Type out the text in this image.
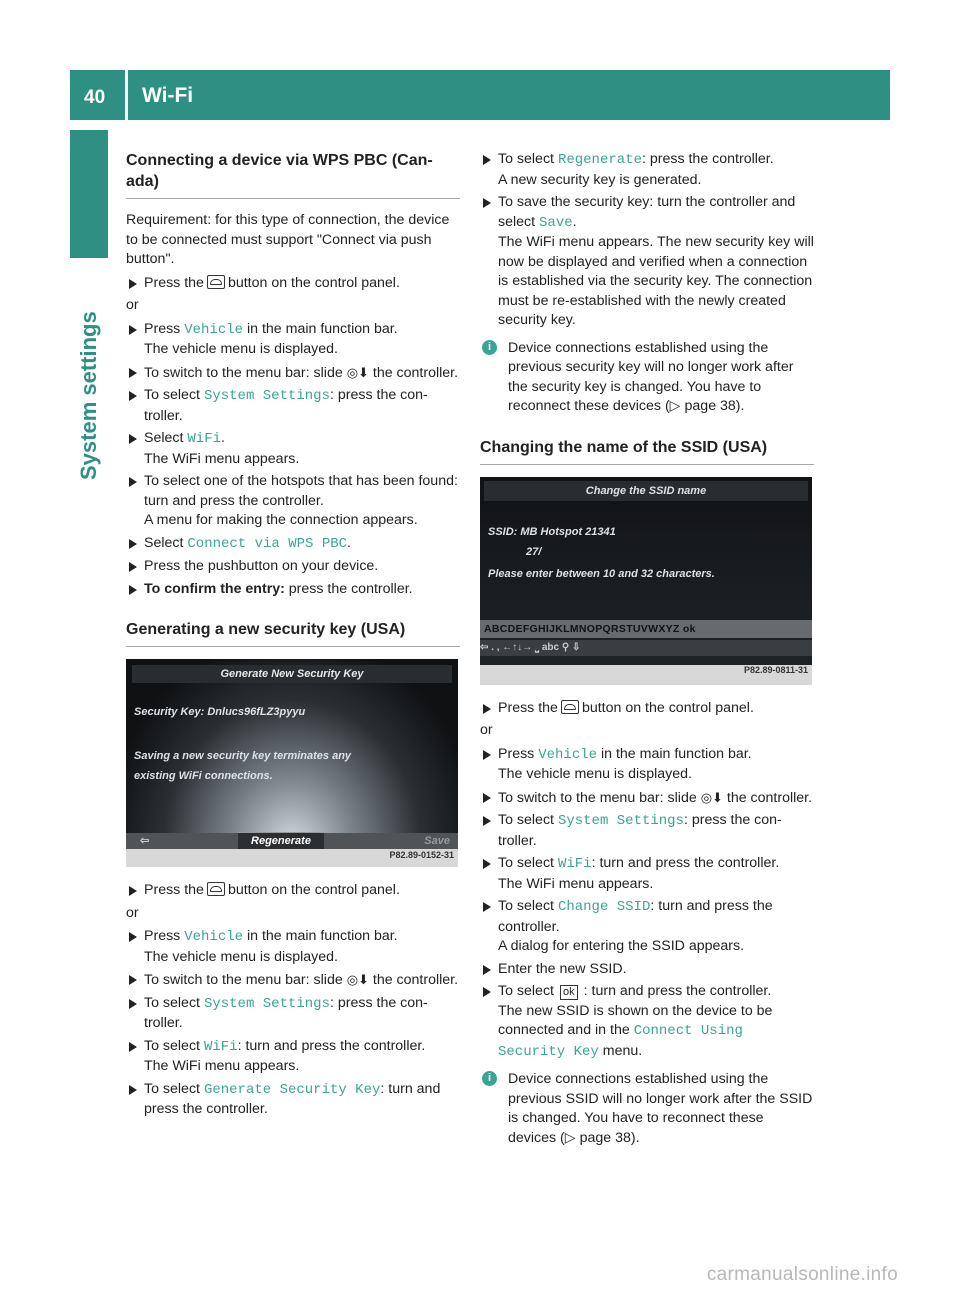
40 Wi-Fi
System settings
Connecting a device via WPS PBC (Canada)

Requirement: for this type of connection, the device to be connected must support "Connect via push button".

Press the button on the control panel.

or

Press Vehicle in the main function bar.
The vehicle menu is displayed.
To switch to the menu bar: slide ◎⬇ the controller.
To select System Settings: press the controller.
Select WiFi.
The WiFi menu appears.
To select one of the hotspots that has been found: turn and press the controller.
A menu for making the connection appears.
Select Connect via WPS PBC.
Press the pushbutton on your device.
To confirm the entry: press the controller.
Generating a new security key (USA)
Generate New Security Key
Security Key: Dnlucs96fLZ3pyyu
Saving a new security key terminates any
existing WiFi connections.
⇦	Regenerate	Save
P82.89-0152-31
Press the button on the control panel.

or

Press Vehicle in the main function bar.
The vehicle menu is displayed.
To switch to the menu bar: slide ◎⬇ the controller.
To select System Settings: press the controller.
To select WiFi: turn and press the controller.
The WiFi menu appears.
To select Generate Security Key: turn and press the controller.
To select Regenerate: press the controller.
A new security key is generated.
To save the security key: turn the controller and select Save.
The WiFi menu appears. The new security key will now be displayed and verified when a connection is established via the security key. The connection must be re-established with the newly created security key.
i	Device connections established using the previous security key will no longer work after the security key is changed. You have to reconnect these devices (▷ page 38).
Changing the name of the SSID (USA)
Change the SSID name
SSID: MB Hotspot 21341
27/
Please enter between 10 and 32 characters.
ABCDEFGHIJKLMNOPQRSTUVWXYZ ok
⇦ . , ←↑↓→ ⎵ abc ⚲ ⇩
P82.89-0811-31
Press the button on the control panel.

or

Press Vehicle in the main function bar.
The vehicle menu is displayed.
To switch to the menu bar: slide ◎⬇ the controller.
To select System Settings: press the controller.
To select WiFi: turn and press the controller.
The WiFi menu appears.
To select Change SSID: turn and press the controller.
A dialog for entering the SSID appears.
Enter the new SSID.
To select ok : turn and press the controller.
The new SSID is shown on the device to be connected and in the Connect Using Security Key menu.
i	Device connections established using the previous SSID will no longer work after the SSID is changed. You have to reconnect these devices (▷ page 38).
carmanualsonline.info
